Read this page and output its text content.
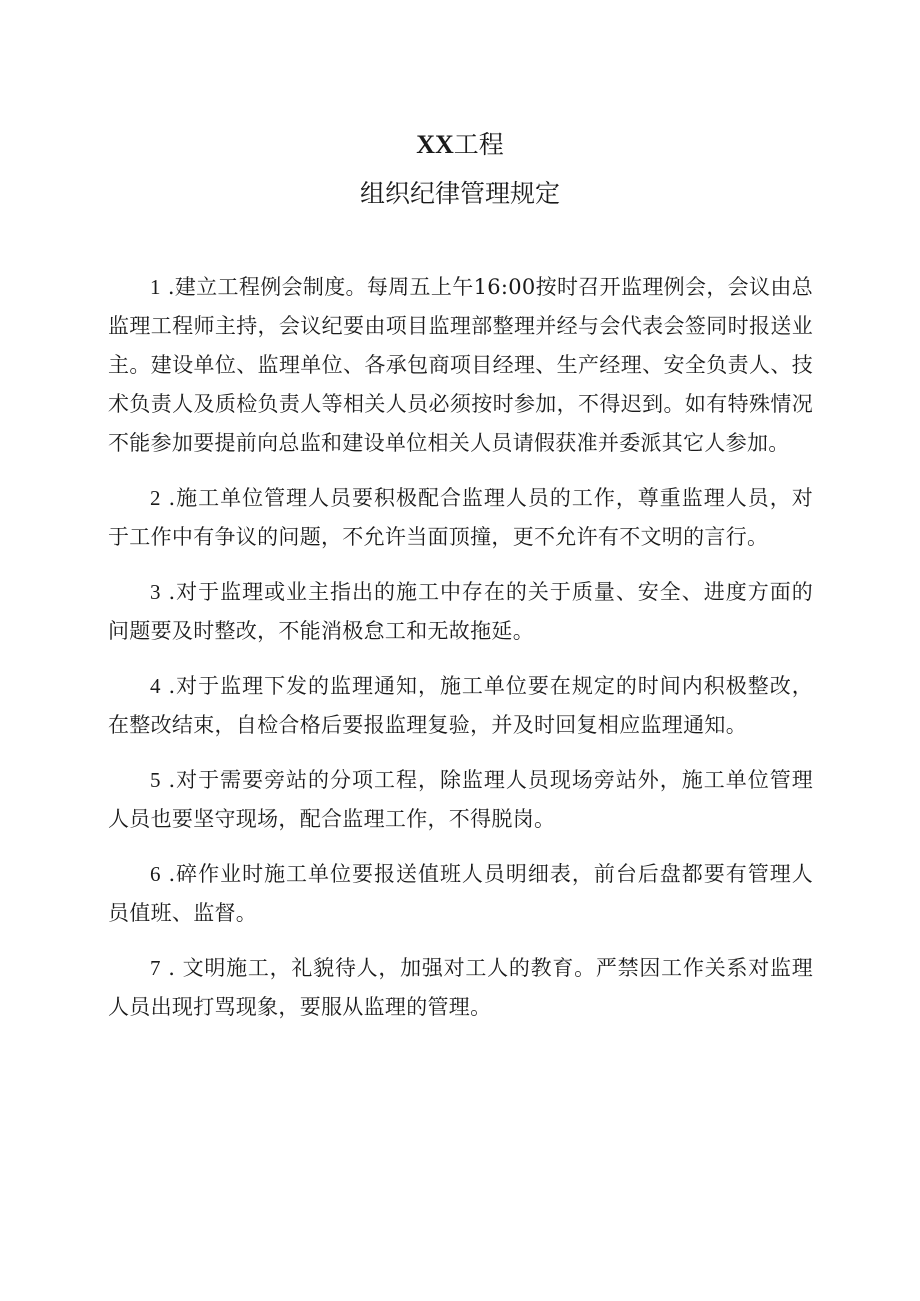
XX工程
组织纪律管理规定

1 .建立工程例会制度。每周五上午16:00按时召开监理例会，会议由总监理工程师主持，会议纪要由项目监理部整理并经与会代表会签同时报送业主。建设单位、监理单位、各承包商项目经理、生产经理、安全负责人、技术负责人及质检负责人等相关人员必须按时参加，不得迟到。如有特殊情况不能参加要提前向总监和建设单位相关人员请假获准并委派其它人参加。

2 .施工单位管理人员要积极配合监理人员的工作，尊重监理人员，对于工作中有争议的问题，不允许当面顶撞，更不允许有不文明的言行。

3 .对于监理或业主指出的施工中存在的关于质量、安全、进度方面的问题要及时整改，不能消极怠工和无故拖延。

4 .对于监理下发的监理通知，施工单位要在规定的时间内积极整改，在整改结束，自检合格后要报监理复验，并及时回复相应监理通知。

5 .对于需要旁站的分项工程，除监理人员现场旁站外，施工单位管理人员也要坚守现场，配合监理工作，不得脱岗。

6 .碎作业时施工单位要报送值班人员明细表，前台后盘都要有管理人员值班、监督。

7 . 文明施工，礼貌待人，加强对工人的教育。严禁因工作关系对监理人员出现打骂现象，要服从监理的管理。
